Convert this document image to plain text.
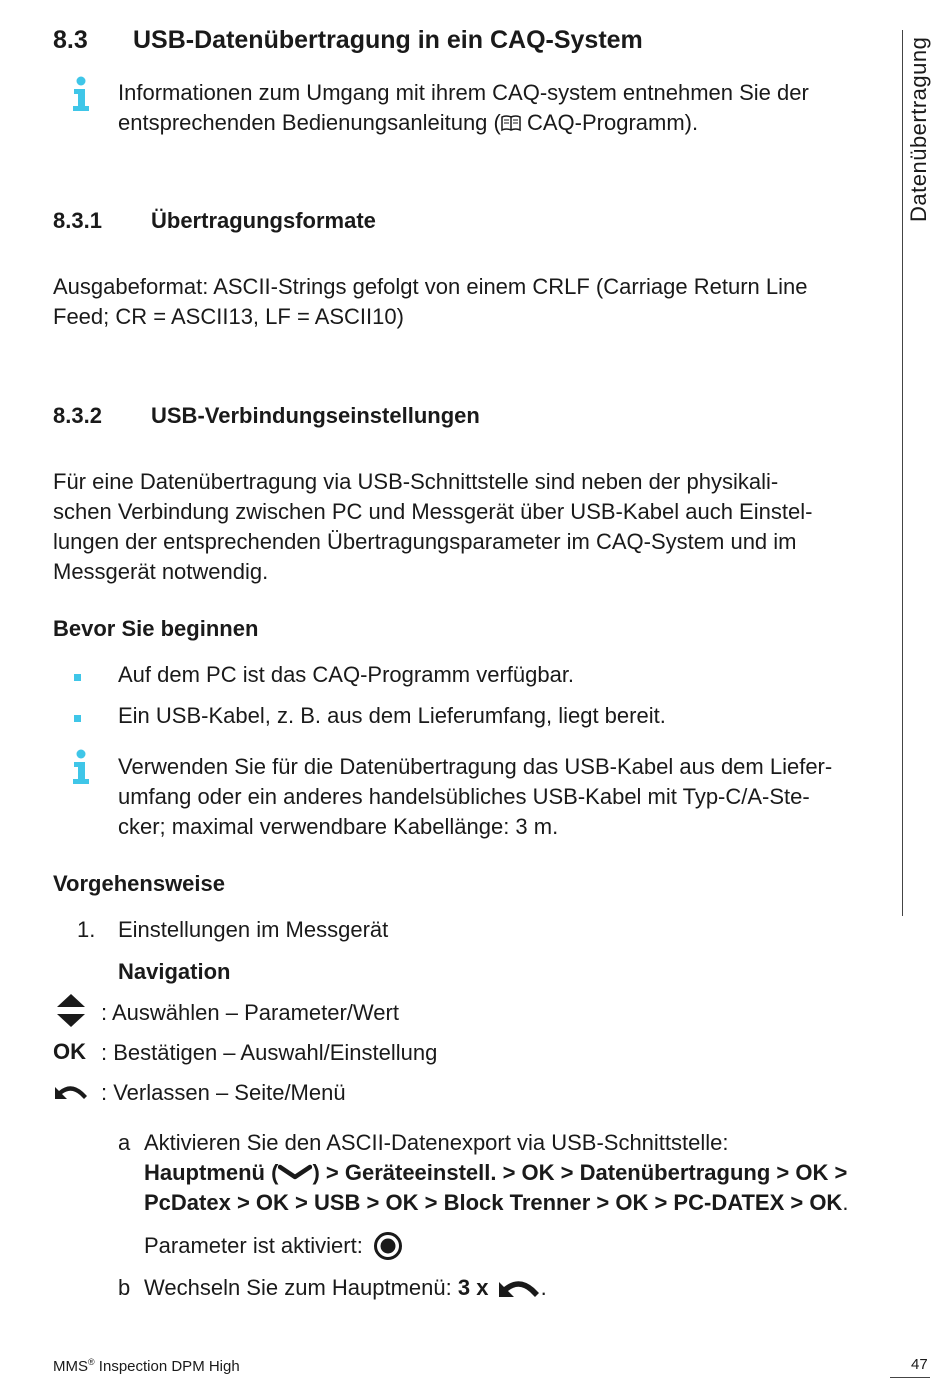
8.3 USB-Datenübertragung in ein CAQ-System
Informationen zum Umgang mit ihrem CAQ-system entnehmen Sie der
entsprechenden Bedienungsanleitung ( CAQ-Programm).
8.3.1 Übertragungsformate
Ausgabeformat: ASCII-Strings gefolgt von einem CRLF (Carriage Return Line
Feed; CR = ASCII13, LF = ASCII10)
8.3.2 USB-Verbindungseinstellungen
Für eine Datenübertragung via USB-Schnittstelle sind neben der physikali-
schen Verbindung zwischen PC und Messgerät über USB-Kabel auch Einstel-
lungen der entsprechenden Übertragungsparameter im CAQ-System und im
Messgerät notwendig.
Bevor Sie beginnen
Auf dem PC ist das CAQ-Programm verfügbar.
Ein USB-Kabel, z. B. aus dem Lieferumfang, liegt bereit.
Verwenden Sie für die Datenübertragung das USB-Kabel aus dem Liefer-
umfang oder ein anderes handelsübliches USB-Kabel mit Typ-C/A-Ste-
cker; maximal verwendbare Kabellänge: 3 m.
Vorgehensweise
1. Einstellungen im Messgerät
Navigation
: Auswählen – Parameter/Wert
OK : Bestätigen – Auswahl/Einstellung
: Verlassen – Seite/Menü
a Aktivieren Sie den ASCII-Datenexport via USB-Schnittstelle:
Hauptmenü ( ) > Geräteeinstell. > OK > Datenübertragung > OK >
PcDatex > OK > USB > OK > Block Trenner > OK > PC-DATEX > OK.
Parameter ist aktiviert:
b Wechseln Sie zum Hauptmenü: 3 x .
Datenübertragung
MMS® Inspection DPM High	47
